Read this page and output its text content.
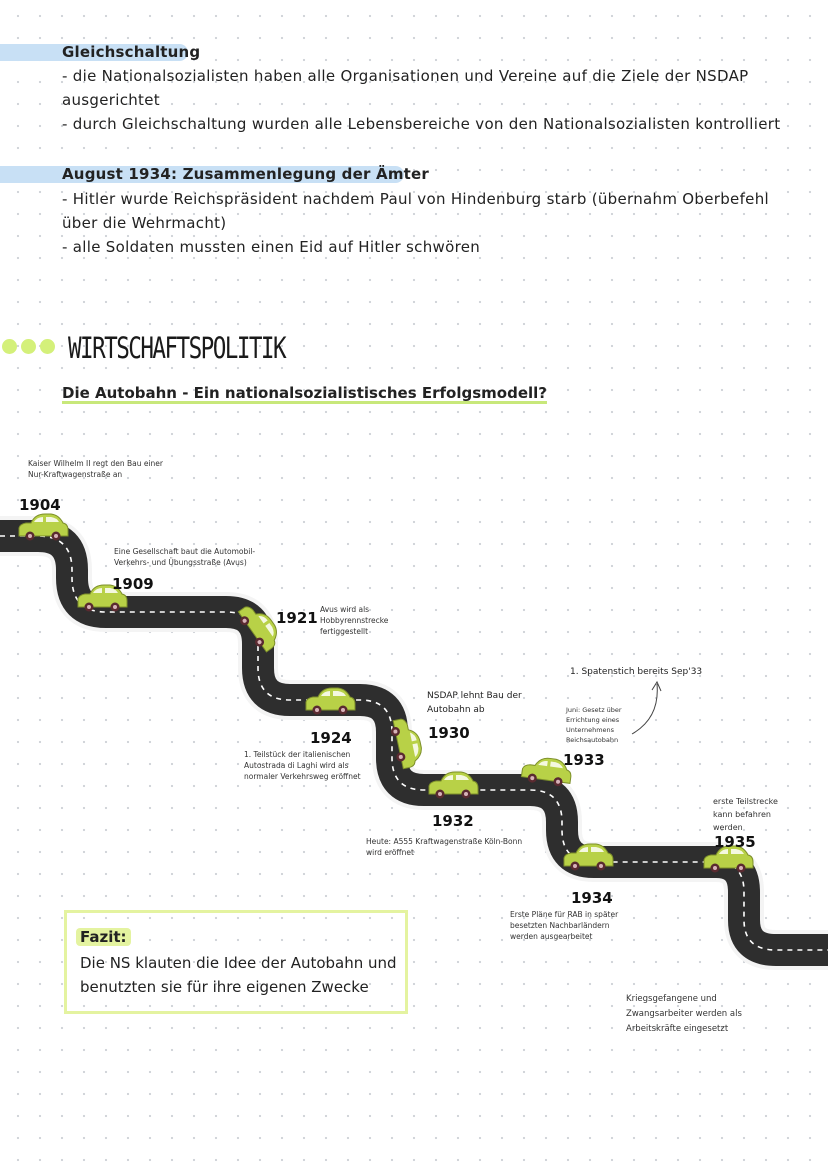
Gleichschaltung
- die Nationalsozialisten haben alle Organisationen und Vereine auf die Ziele der NSDAP
ausgerichtet
- durch Gleichschaltung wurden alle Lebensbereiche von den Nationalsozialisten kontrolliert
August 1934: Zusammenlegung der Ämter
- Hitler wurde Reichspräsident nachdem Paul von Hindenburg starb (übernahm Oberbefehl
über die Wehrmacht)
- alle Soldaten mussten einen Eid auf Hitler schwören
WIRTSCHAFTSPOLITIK
Die Autobahn - Ein nationalsozialistisches Erfolgsmodell?
Kaiser Wilhelm II regt den Bau einer
Nur-Kraftwagenstraße an
1904
Eine Gesellschaft baut die Automobil-
Verkehrs- und Übungsstraße (Avus)
1909
1921 Avus wird als
Hobbyrennstrecke
fertiggestellt
1924
1. Teilstück der italienischen
Autostrada di Laghi wird als
normaler Verkehrsweg eröffnet
NSDAP lehnt Bau der
Autobahn ab
1930
1932
Heute: A555 Kraftwagenstraße Köln-Bonn
wird eröffnet
1. Spatenstich bereits Sep'33
Juni: Gesetz über
Errichtung eines
Unternehmens
Reichsautobahn
1933
1934
Erste Pläne für RAB in später
besetzten Nachbarländern
werden ausgearbeitet
erste Teilstrecke
kann befahren
werden
1935
Kriegsgefangene und
Zwangsarbeiter werden als
Arbeitskräfte eingesetzt
Fazit:
Die NS klauten die Idee der Autobahn und
benutzten sie für ihre eigenen Zwecke
